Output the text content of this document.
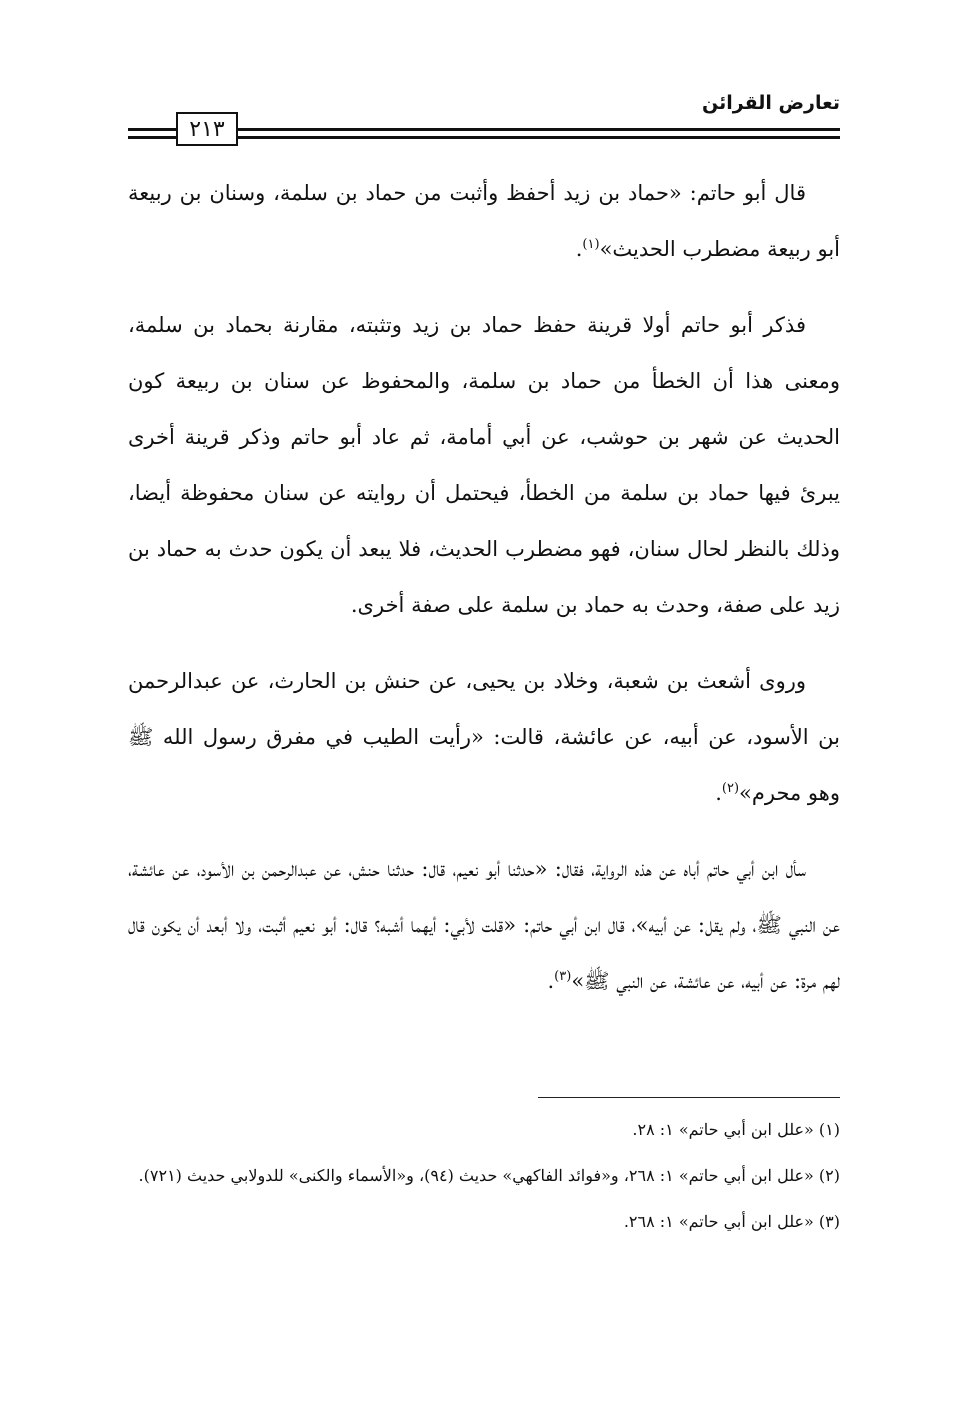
تعارض القرائن
٢١٣

قال أبو حاتم: «حماد بن زيد أحفظ وأثبت من حماد بن سلمة، وسنان بن ربيعة أبو ربيعة مضطرب الحديث»$^{(١)}$.

فذكر أبو حاتم أولا قرينة حفظ حماد بن زيد وتثبته، مقارنة بحماد بن سلمة، ومعنى هذا أن الخطأ من حماد بن سلمة، والمحفوظ عن سنان بن ربيعة كون الحديث عن شهر بن حوشب، عن أبي أمامة، ثم عاد أبو حاتم وذكر قرينة أخرى يبرئ فيها حماد بن سلمة من الخطأ، فيحتمل أن روايته عن سنان محفوظة أيضا، وذلك بالنظر لحال سنان، فهو مضطرب الحديث، فلا يبعد أن يكون حدث به حماد بن زيد على صفة، وحدث به حماد بن سلمة على صفة أخرى.

وروى أشعث بن شعبة، وخلاد بن يحيى، عن حنش بن الحارث، عن عبدالرحمن بن الأسود، عن أبيه، عن عائشة، قالت: «رأيت الطيب في مفرق رسول الله ﷺ وهو محرم»$^{(٢)}$.

سأل ابن أبي حاتم أباه عن هذه الرواية، فقال: «حدثنا أبو نعيم، قال: حدثنا حنش، عن عبدالرحمن بن الأسود، عن عائشة، عن النبي ﷺ، ولم يقل: عن أبيه»، قال ابن أبي حاتم: «قلت لأبي: أيهما أشبه؟ قال: أبو نعيم أثبت، ولا أبعد أن يكون قال لهم مرة: عن أبيه، عن عائشة، عن النبي ﷺ»$^{(٣)}$.

(١) «علل ابن أبي حاتم» ١: ٢٨.
(٢) «علل ابن أبي حاتم» ١: ٢٦٨، و«فوائد الفاكهي» حديث (٩٤)، و«الأسماء والكنى» للدولابي حديث (٧٢١).
(٣) «علل ابن أبي حاتم» ١: ٢٦٨.
